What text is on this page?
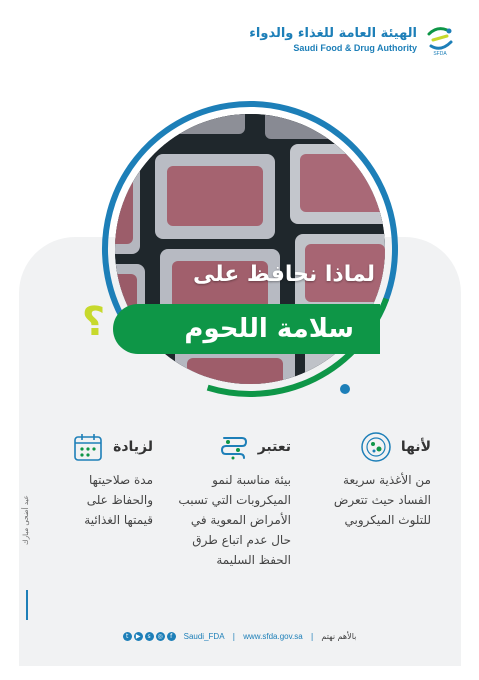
الهيئة العامة للغذاء والدواء
Saudi Food & Drug Authority
SFDA
لماذا نحافظ على
سلامة اللحوم
?
لأنها
من الأغذية سريعة
الفساد حيث تتعرض
للتلوث الميكروبي
تعتبر
بيئة مناسبة لنمو
الميكروبات التي تسبب
الأمراض المعوية في
حال عدم اتباع طرق
الحفظ السليمة
لزيادة
مدة صلاحيتها
والحفاظ على
قيمتها الغذائية
عيد أضحى مبارك
t	▶	s	◎	f	Saudi_FDA | www.sfda.gov.sa | بالأهم نهتم
